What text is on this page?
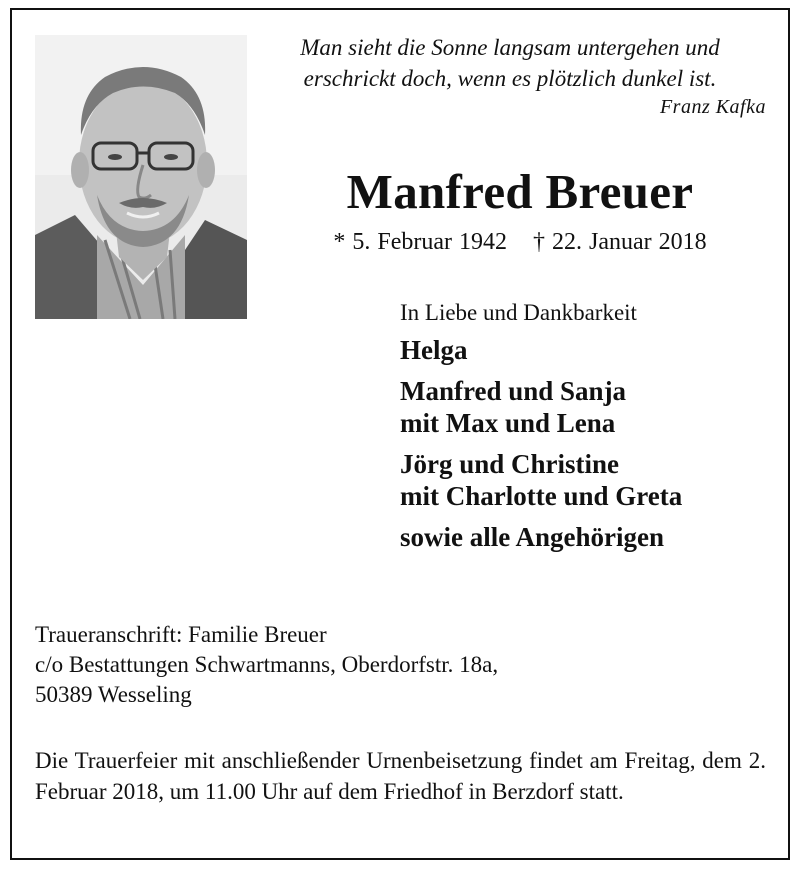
Man sieht die Sonne langsam untergehen und
erschrickt doch, wenn es plötzlich dunkel ist.
Franz Kafka
Manfred Breuer
* 5. Februar 1942 † 22. Januar 2018
In Liebe und Dankbarkeit
Helga
Manfred und Sanja
mit Max und Lena
Jörg und Christine
mit Charlotte und Greta
sowie alle Angehörigen
Traueranschrift: Familie Breuer
c/o Bestattungen Schwartmanns, Oberdorfstr. 18a,
50389 Wesseling
Die Trauerfeier mit anschließender Urnenbeisetzung findet am Freitag, dem 2. Februar 2018, um 11.00 Uhr auf dem Friedhof in Berzdorf statt.
